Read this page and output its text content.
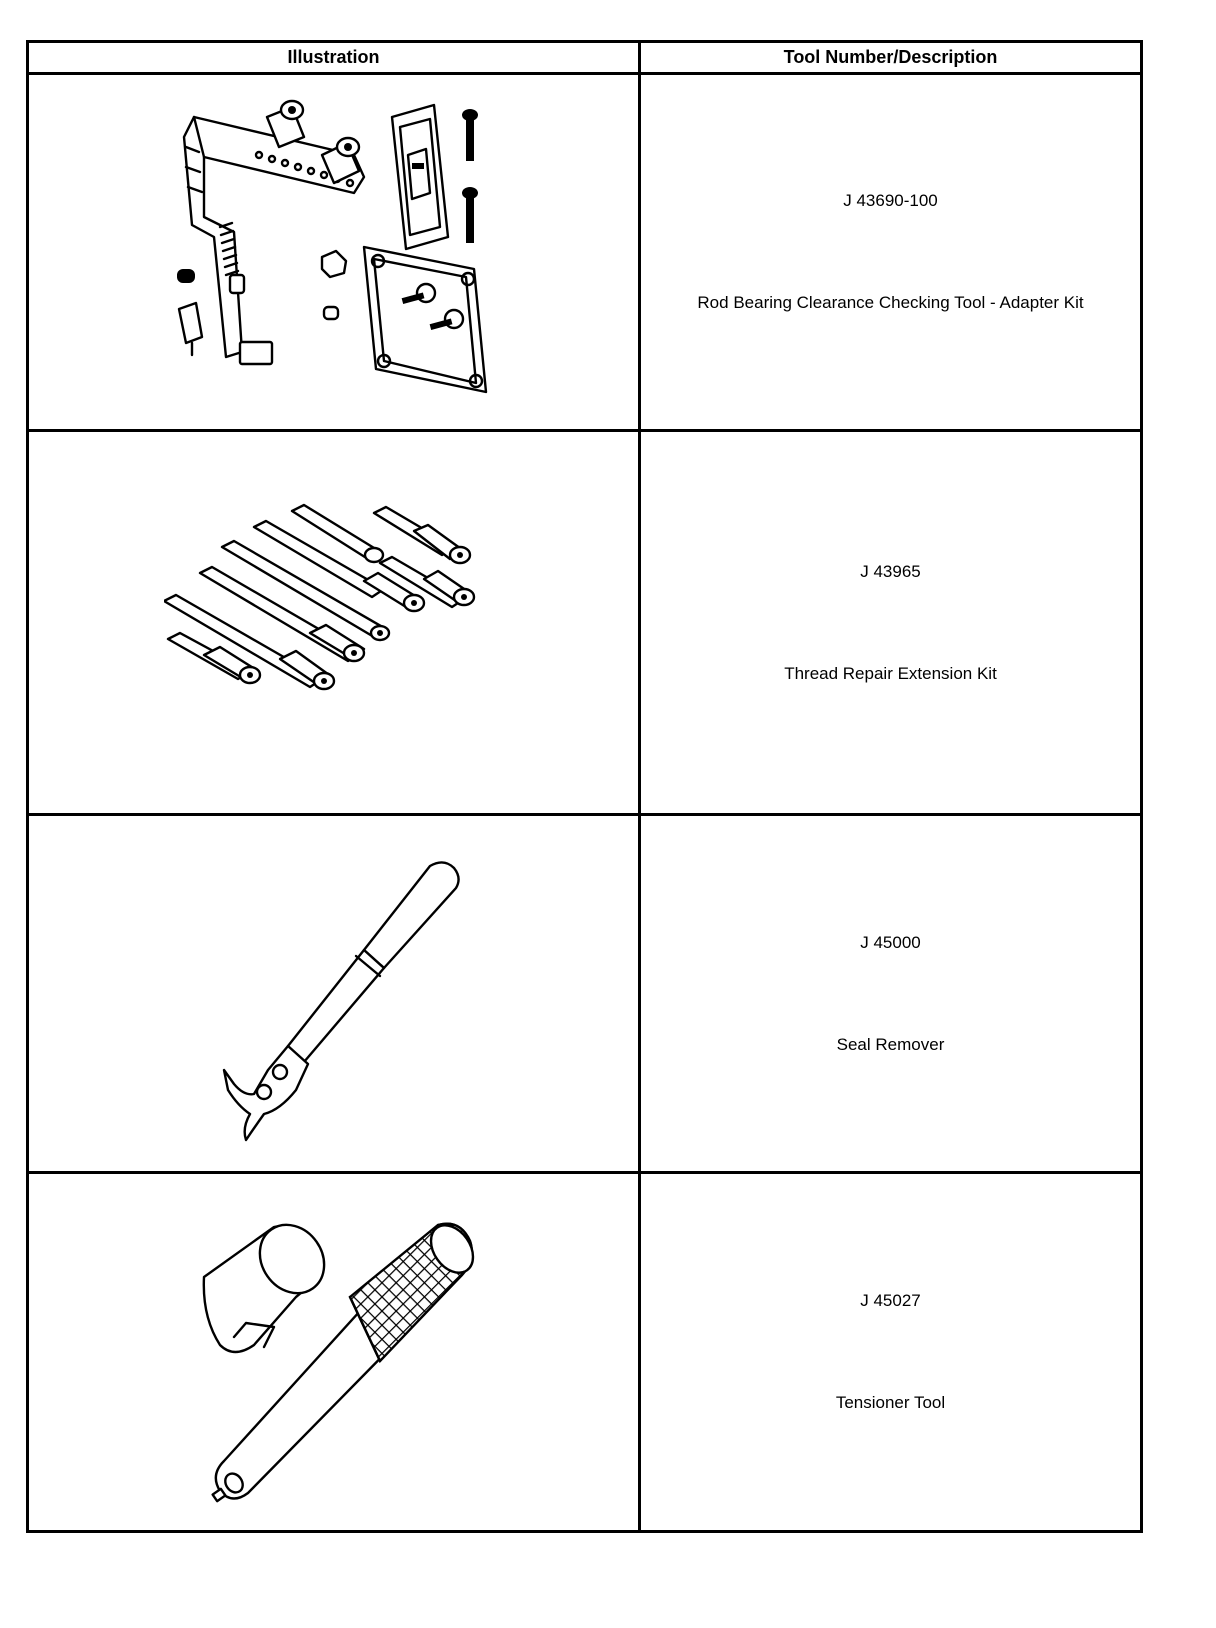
Illustration	Tool Number/Description

J 43690-100
Rod Bearing Clearance Checking Tool - Adapter Kit

J 43965
Thread Repair Extension Kit

J 45000
Seal Remover

J 45027
Tensioner Tool
